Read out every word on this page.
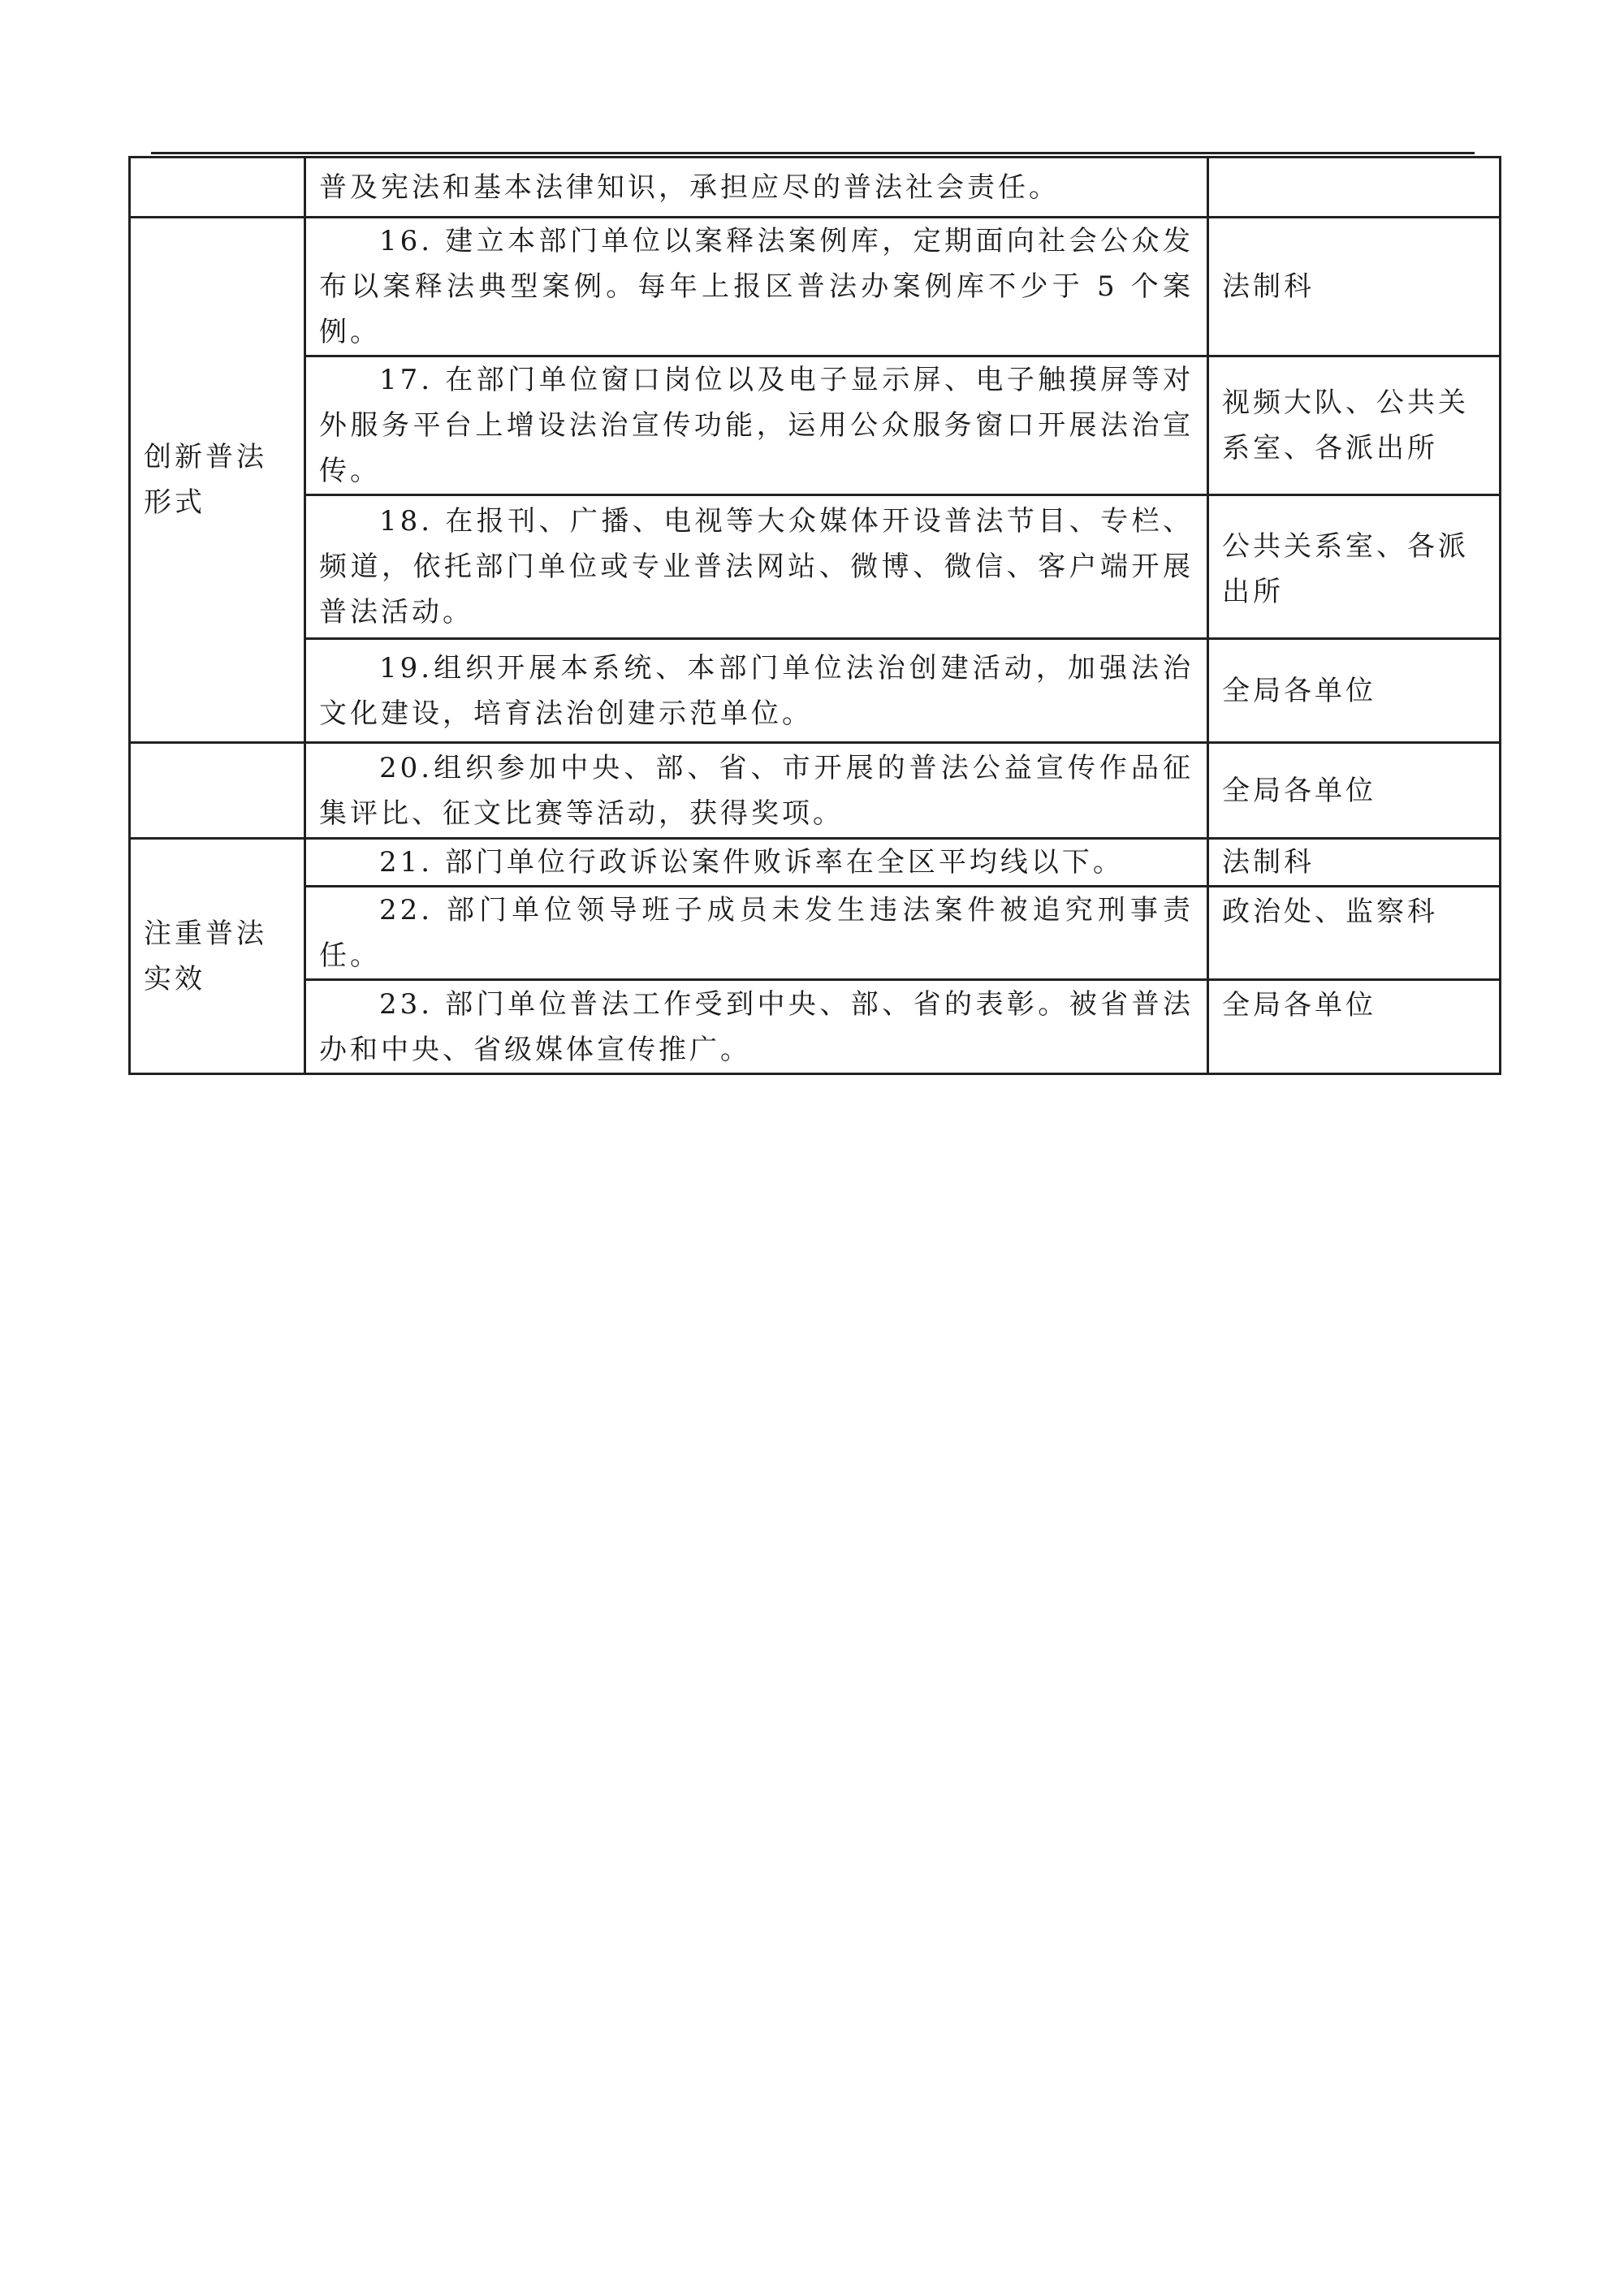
	普及宪法和基本法律知识，承担应尽的普法社会责任。	

创新普法形式	16. 建立本部门单位以案释法案例库，定期面向社会公众发布以案释法典型案例。每年上报区普法办案例库不少于 5 个案例。	法制科
	17. 在部门单位窗口岗位以及电子显示屏、电子触摸屏等对外服务平台上增设法治宣传功能，运用公众服务窗口开展法治宣传。	视频大队、公共关系室、各派出所
	18. 在报刊、广播、电视等大众媒体开设普法节目、专栏、频道，依托部门单位或专业普法网站、微博、微信、客户端开展普法活动。	公共关系室、各派出所
	19.组织开展本系统、本部门单位法治创建活动，加强法治文化建设，培育法治创建示范单位。	全局各单位
	20.组织参加中央、部、省、市开展的普法公益宣传作品征集评比、征文比赛等活动，获得奖项。	全局各单位

注重普法实效	21. 部门单位行政诉讼案件败诉率在全区平均线以下。	法制科
	22. 部门单位领导班子成员未发生违法案件被追究刑事责任。	政治处、监察科
	23. 部门单位普法工作受到中央、部、省的表彰。被省普法办和中央、省级媒体宣传推广。	全局各单位
